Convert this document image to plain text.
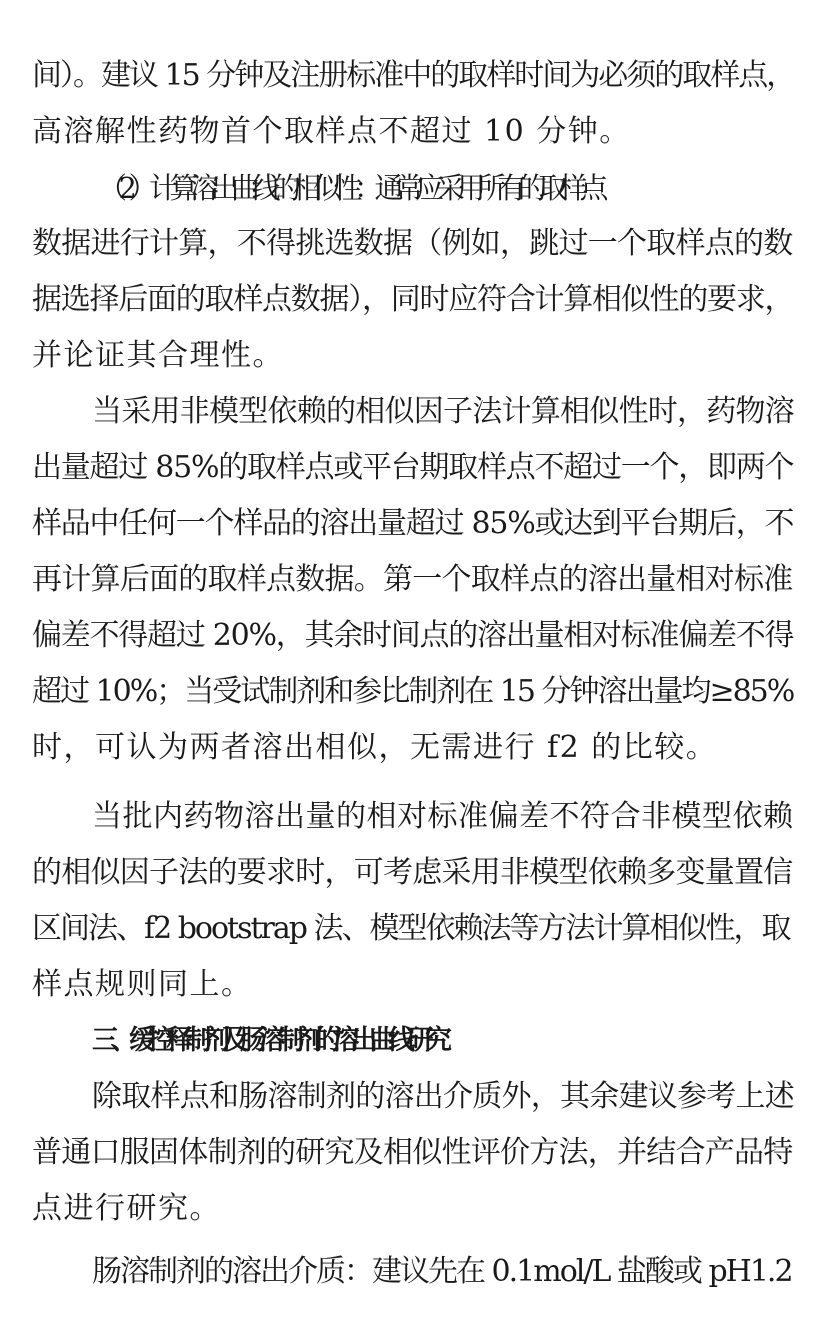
间）。建议 15 分钟及注册标准中的取样时间为必须的取样点，
高溶解性药物首个取样点不超过 10 分钟。
（2）计算溶出曲线的相似性：通常应采用所有的取样点
数据进行计算，不得挑选数据（例如，跳过一个取样点的数
据选择后面的取样点数据），同时应符合计算相似性的要求，
并论证其合理性。
当采用非模型依赖的相似因子法计算相似性时，药物溶
出量超过 85%的取样点或平台期取样点不超过一个，即两个
样品中任何一个样品的溶出量超过 85%或达到平台期后，不
再计算后面的取样点数据。第一个取样点的溶出量相对标准
偏差不得超过 20%，其余时间点的溶出量相对标准偏差不得
超过 10%；当受试制剂和参比制剂在 15 分钟溶出量均≥85%
时，可认为两者溶出相似，无需进行 f2 的比较。
当批内药物溶出量的相对标准偏差不符合非模型依赖
的相似因子法的要求时，可考虑采用非模型依赖多变量置信
区间法、f2 bootstrap 法、模型依赖法等方法计算相似性，取
样点规则同上。
三、缓控释制剂及肠溶制剂的溶出曲线研究
除取样点和肠溶制剂的溶出介质外，其余建议参考上述
普通口服固体制剂的研究及相似性评价方法，并结合产品特
点进行研究。
肠溶制剂的溶出介质：建议先在 0.1mol/L 盐酸或 pH1.2
